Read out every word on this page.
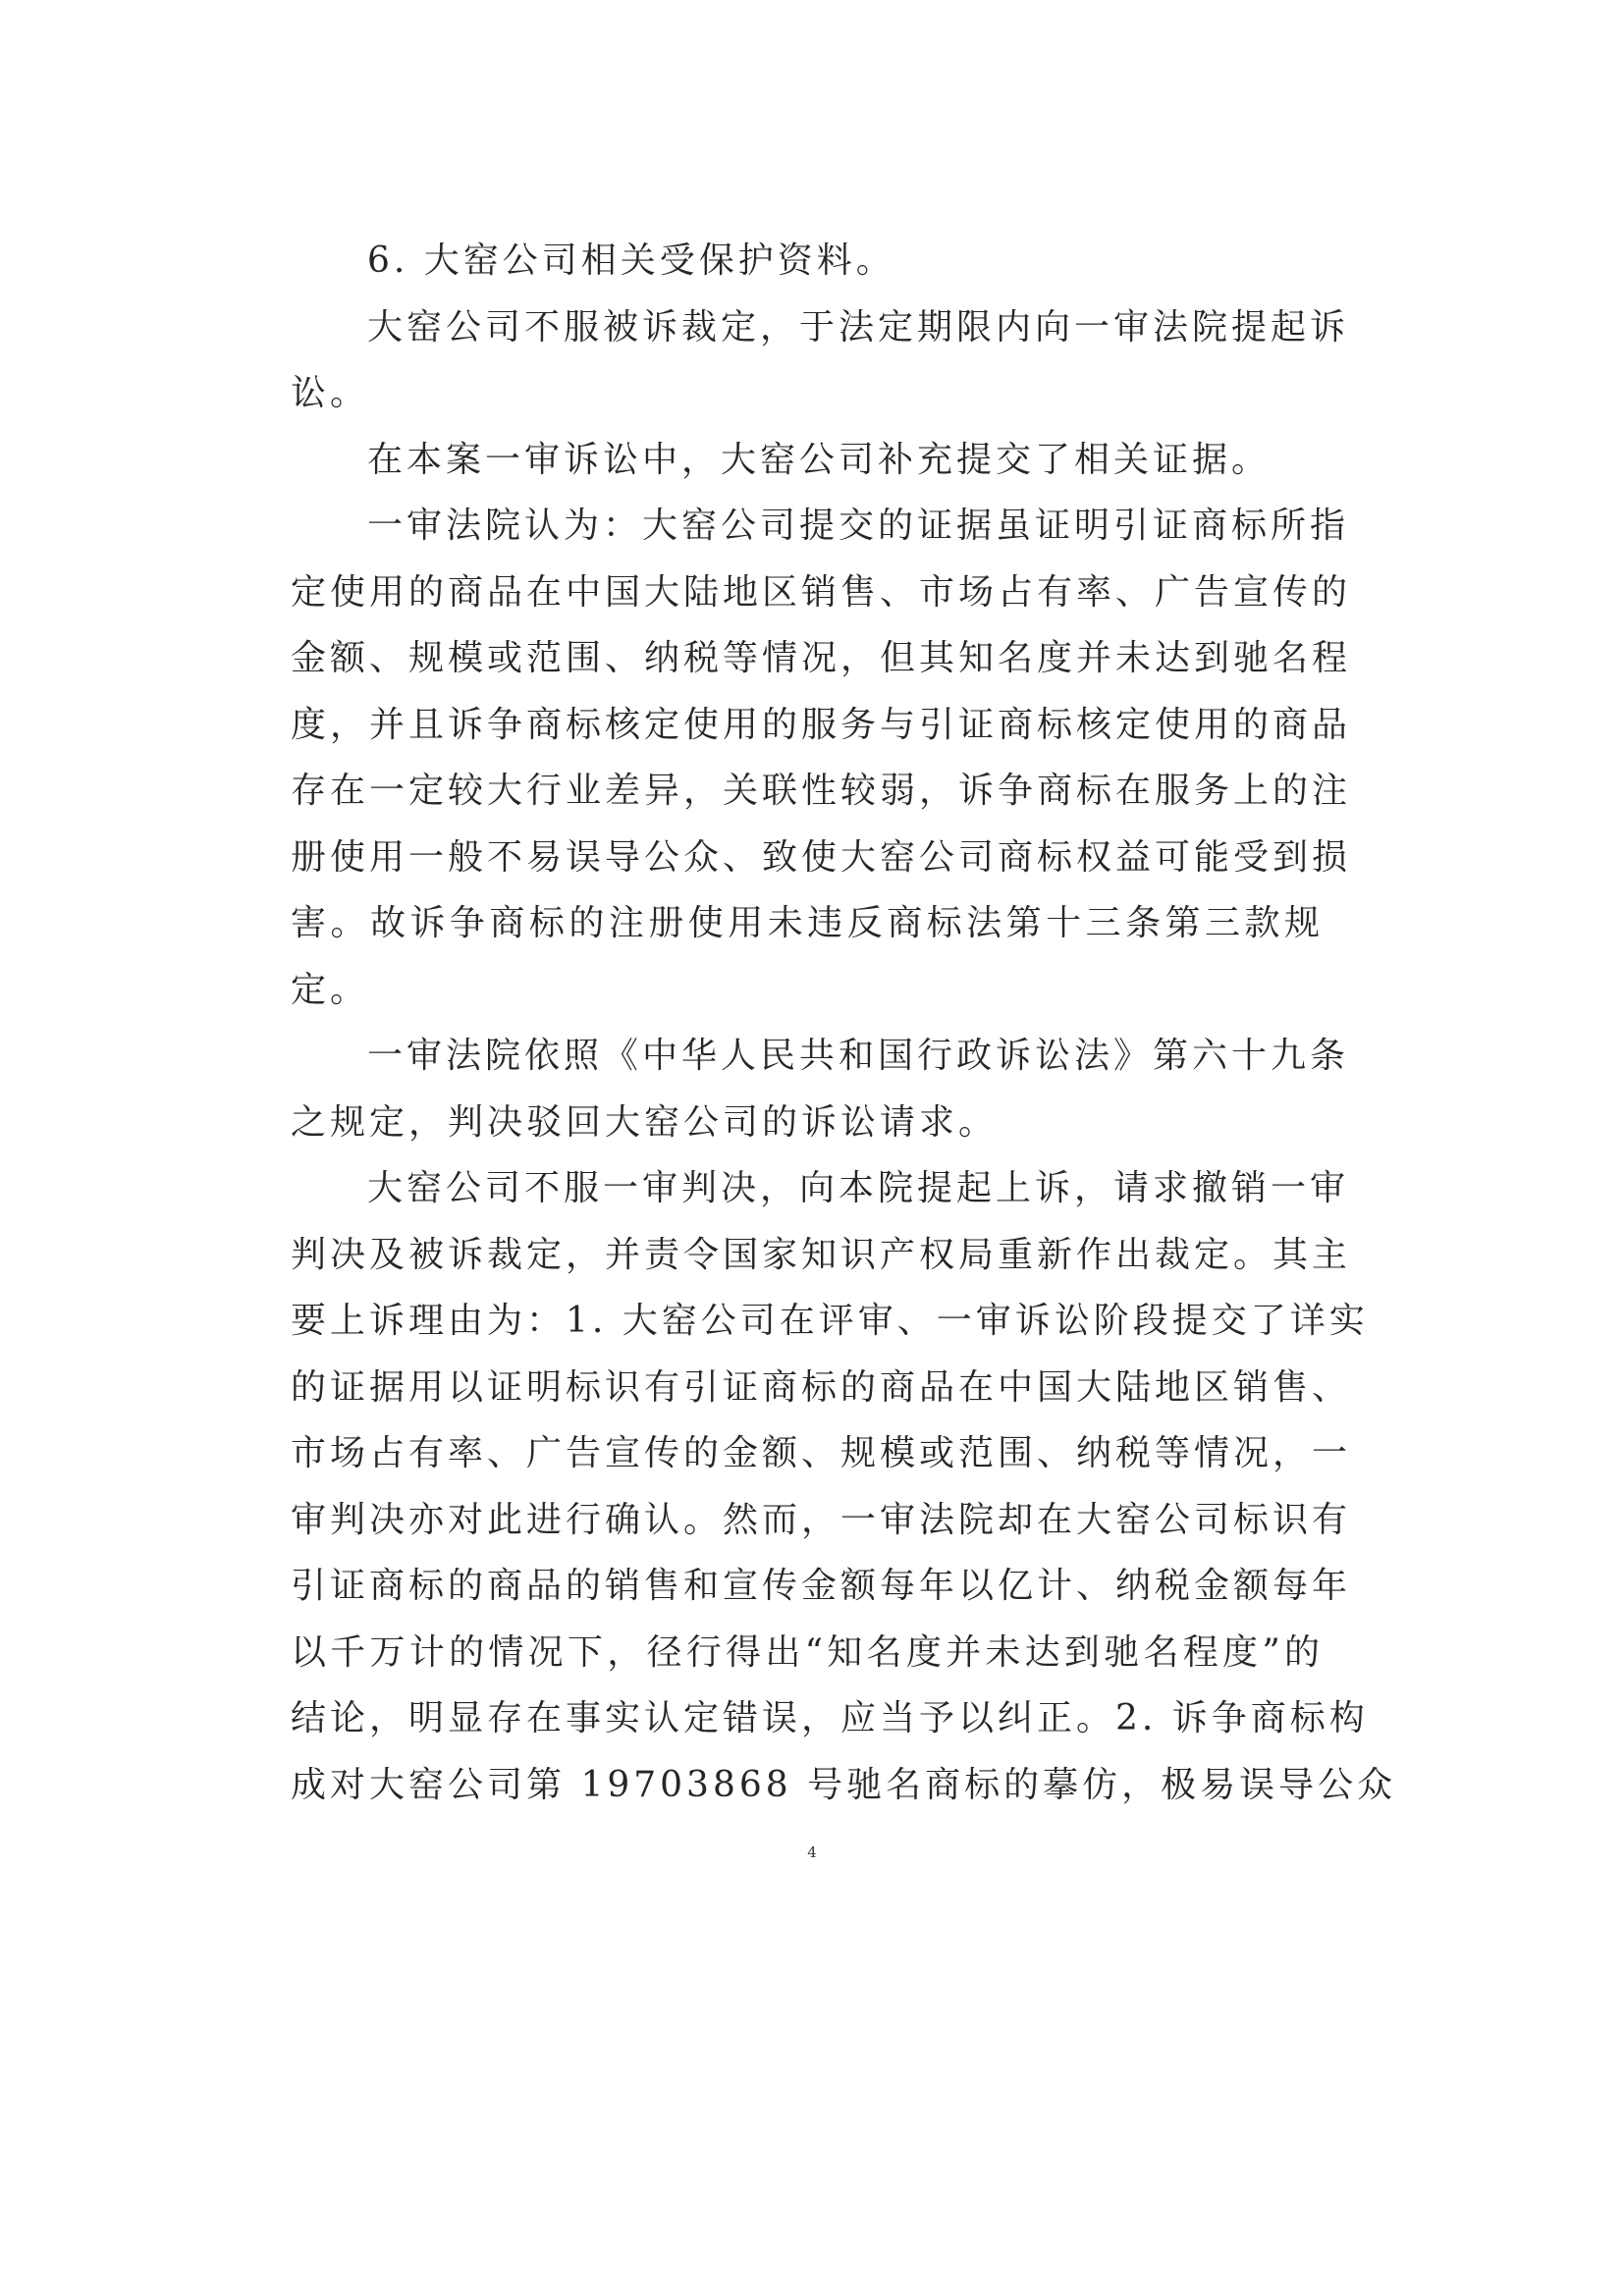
6. 大窑公司相关受保护资料。
大窑公司不服被诉裁定，于法定期限内向一审法院提起诉
讼。
在本案一审诉讼中，大窑公司补充提交了相关证据。
一审法院认为：大窑公司提交的证据虽证明引证商标所指
定使用的商品在中国大陆地区销售、市场占有率、广告宣传的
金额、规模或范围、纳税等情况，但其知名度并未达到驰名程
度，并且诉争商标核定使用的服务与引证商标核定使用的商品
存在一定较大行业差异，关联性较弱，诉争商标在服务上的注
册使用一般不易误导公众、致使大窑公司商标权益可能受到损
害。故诉争商标的注册使用未违反商标法第十三条第三款规
定。
一审法院依照《中华人民共和国行政诉讼法》第六十九条
之规定，判决驳回大窑公司的诉讼请求。
大窑公司不服一审判决，向本院提起上诉，请求撤销一审
判决及被诉裁定，并责令国家知识产权局重新作出裁定。其主
要上诉理由为：1. 大窑公司在评审、一审诉讼阶段提交了详实
的证据用以证明标识有引证商标的商品在中国大陆地区销售、
市场占有率、广告宣传的金额、规模或范围、纳税等情况，一
审判决亦对此进行确认。然而，一审法院却在大窑公司标识有
引证商标的商品的销售和宣传金额每年以亿计、纳税金额每年
以千万计的情况下，径行得出“知名度并未达到驰名程度”的
结论，明显存在事实认定错误，应当予以纠正。2. 诉争商标构
成对大窑公司第 19703868 号驰名商标的摹仿，极易误导公众
4
